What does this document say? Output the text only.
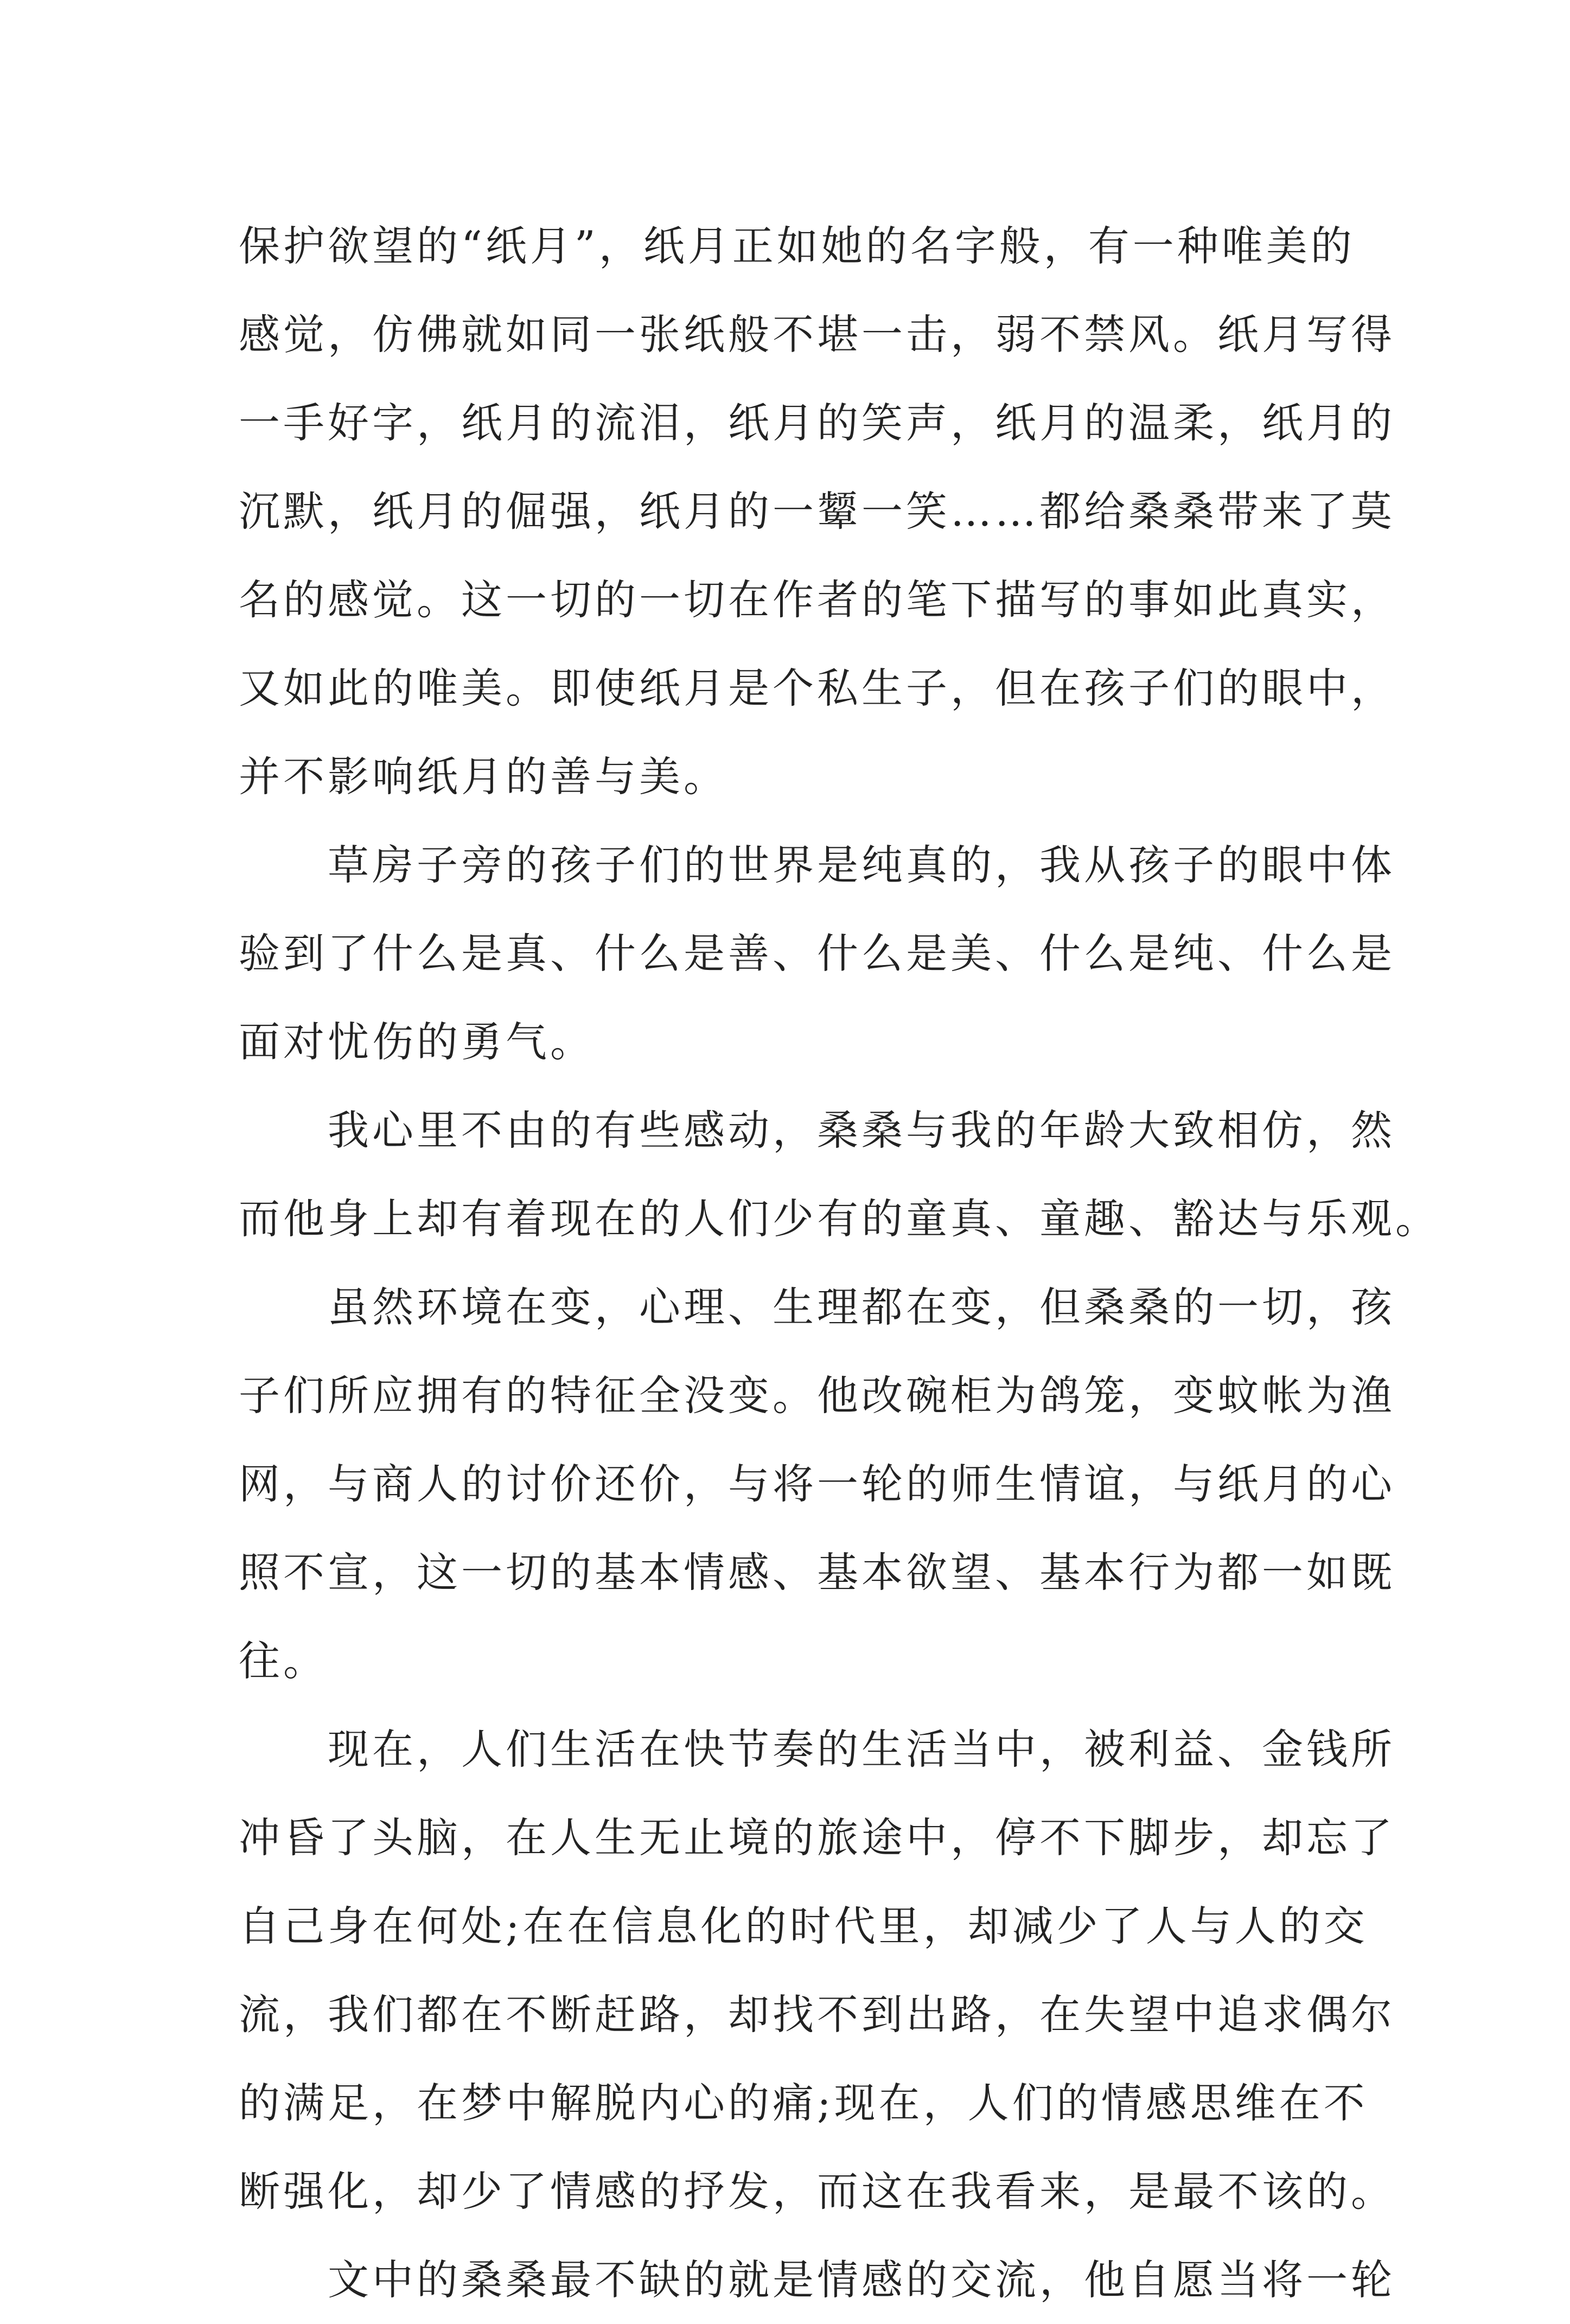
保护欲望的“纸月”，纸月正如她的名字般，有一种唯美的
感觉，仿佛就如同一张纸般不堪一击，弱不禁风。纸月写得
一手好字，纸月的流泪，纸月的笑声，纸月的温柔，纸月的
沉默，纸月的倔强，纸月的一颦一笑……都给桑桑带来了莫
名的感觉。这一切的一切在作者的笔下描写的事如此真实，
又如此的唯美。即使纸月是个私生子，但在孩子们的眼中，
并不影响纸月的善与美。
　　草房子旁的孩子们的世界是纯真的，我从孩子的眼中体
验到了什么是真、什么是善、什么是美、什么是纯、什么是
面对忧伤的勇气。
　　我心里不由的有些感动，桑桑与我的年龄大致相仿，然
而他身上却有着现在的人们少有的童真、童趣、豁达与乐观。
　　虽然环境在变，心理、生理都在变，但桑桑的一切，孩
子们所应拥有的特征全没变。他改碗柜为鸽笼，变蚊帐为渔
网，与商人的讨价还价，与将一轮的师生情谊，与纸月的心
照不宣，这一切的基本情感、基本欲望、基本行为都一如既
往。
　　现在，人们生活在快节奏的生活当中，被利益、金钱所
冲昏了头脑，在人生无止境的旅途中，停不下脚步，却忘了
自己身在何处;在在信息化的时代里，却减少了人与人的交
流，我们都在不断赶路，却找不到出路，在失望中追求偶尔
的满足，在梦中解脱内心的痛;现在，人们的情感思维在不
断强化，却少了情感的抒发，而这在我看来，是最不该的。
　　文中的桑桑最不缺的就是情感的交流，他自愿当将一轮
